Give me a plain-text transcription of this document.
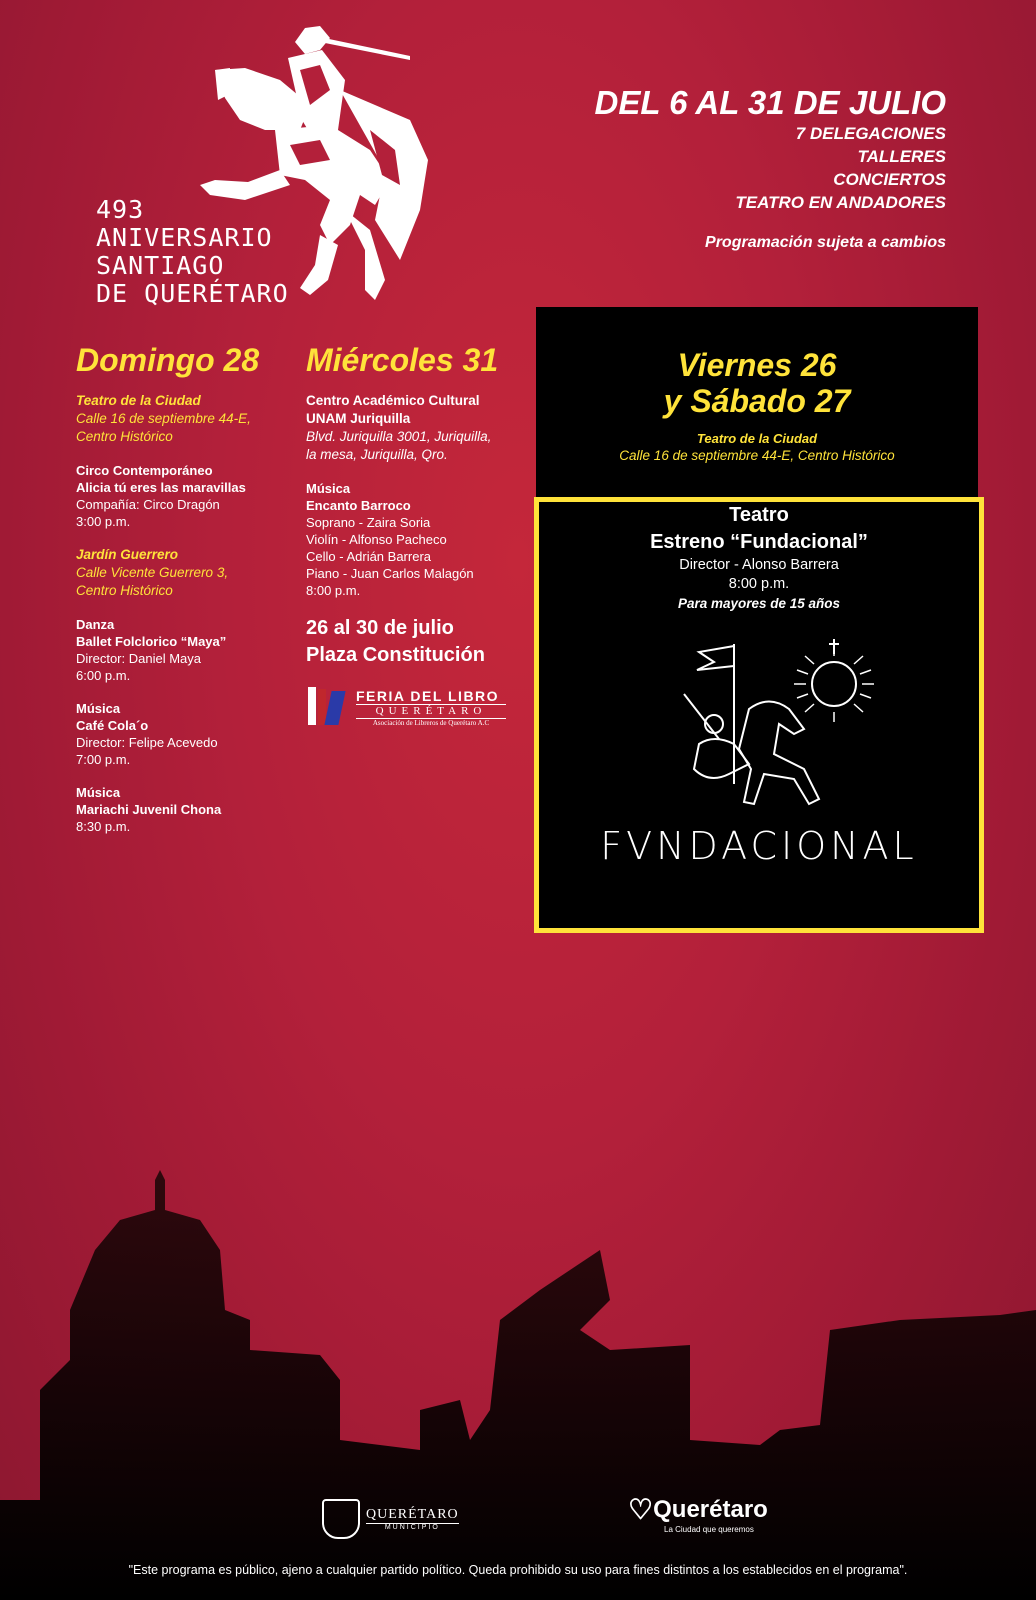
493
ANIVERSARIO
SANTIAGO
DE QUERÉTARO
DEL 6 AL 31 DE JULIO
7 DELEGACIONES
TALLERES
CONCIERTOS
TEATRO EN ANDADORES
Programación sujeta a cambios
Domingo 28
Teatro de la Ciudad
Calle 16 de septiembre 44-E,
Centro Histórico
Circo Contemporáneo
Alicia tú eres las maravillas
Compañía: Circo Dragón
3:00 p.m.
Jardín Guerrero
Calle Vicente Guerrero 3,
Centro Histórico
Danza
Ballet Folclorico “Maya”
Director: Daniel Maya
6:00 p.m.
Música
Café Cola´o
Director: Felipe Acevedo
7:00 p.m.
Música
Mariachi Juvenil Chona
8:30 p.m.
Miércoles 31
Centro Académico Cultural
UNAM Juriquilla
Blvd. Juriquilla 3001, Juriquilla,
la mesa, Juriquilla, Qro.
Música
Encanto Barroco
Soprano - Zaira Soria
Violín - Alfonso Pacheco
Cello - Adrián Barrera
Piano - Juan Carlos Malagón
8:00 p.m.
26 al 30 de julio
Plaza Constitución
FERIA DEL LIBRO
QUERÉTARO
Asociación de Libreros de Querétaro A.C
Viernes 26
y Sábado 27
Teatro de la Ciudad
Calle 16 de septiembre 44-E, Centro Histórico
Teatro
Estreno “Fundacional”
Director - Alonso Barrera
8:00 p.m.
Para mayores de 15 años
FVNDACIONAL
QUERÉTARO
MUNICIPIO
♡ Querétaro
La Ciudad que queremos
"Este programa es público, ajeno a cualquier partido político. Queda prohibido su uso para fines distintos a los establecidos en el programa".
